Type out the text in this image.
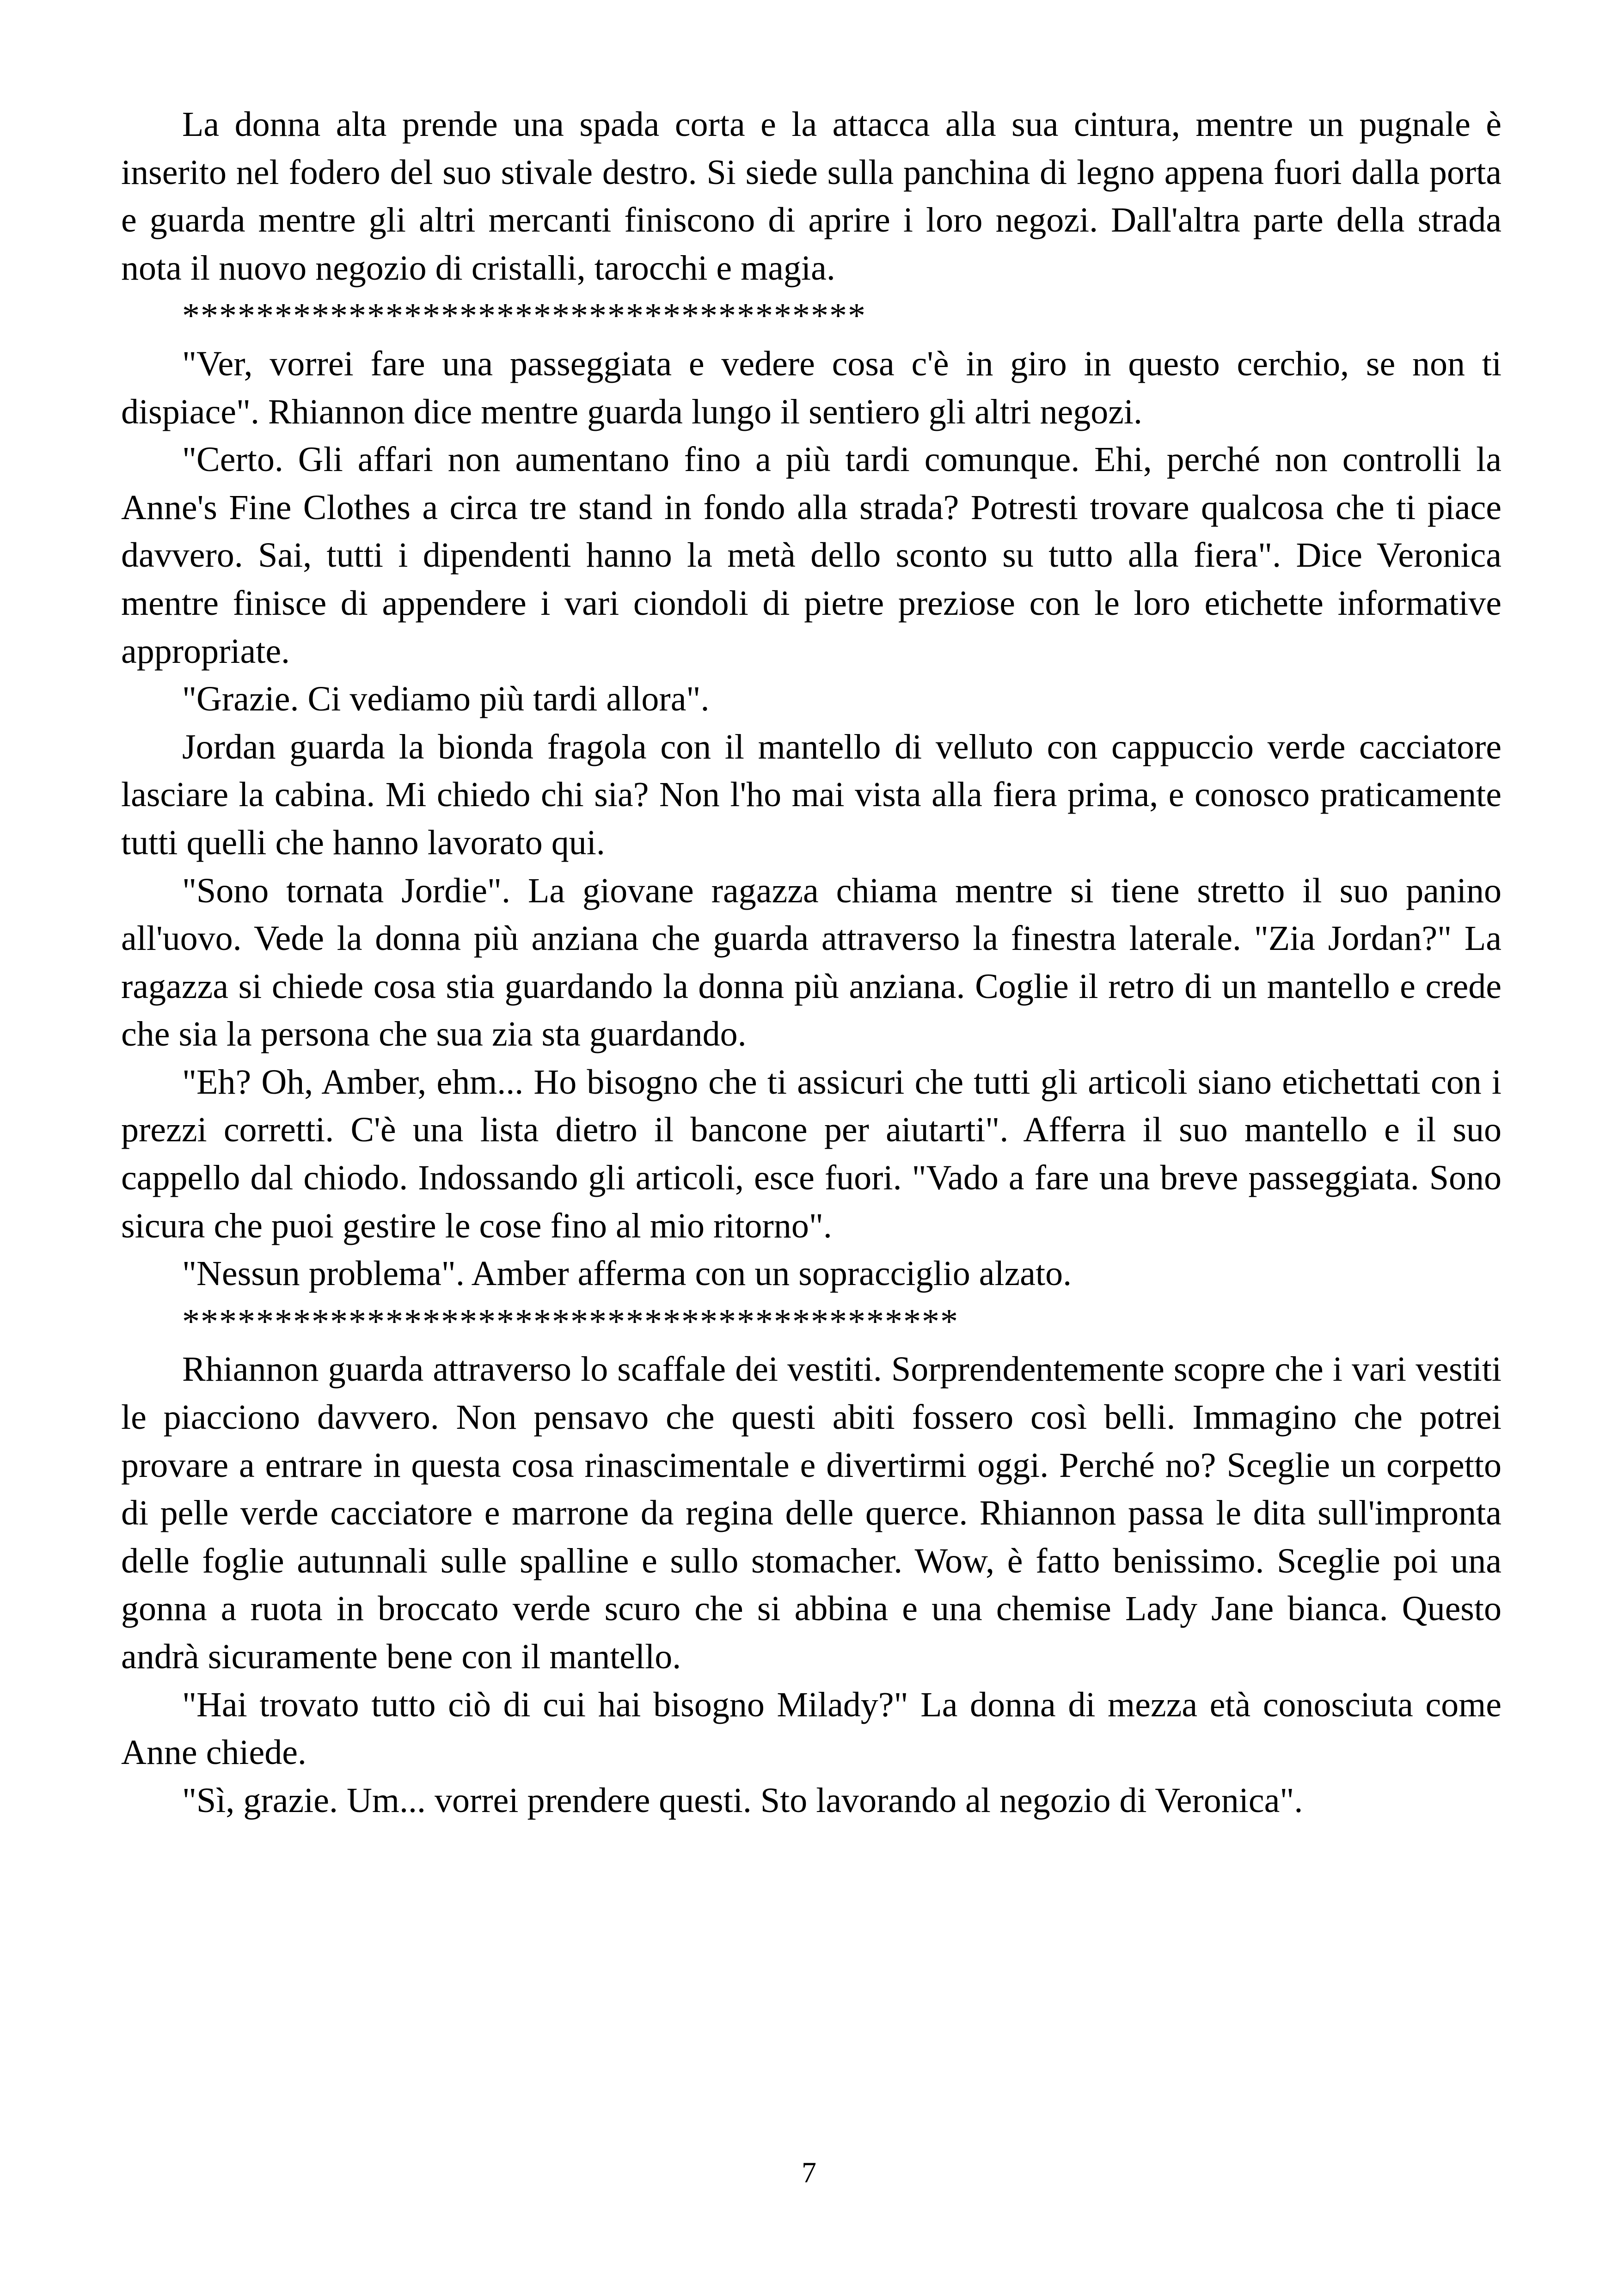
La donna alta prende una spada corta e la attacca alla sua cintura, mentre un pugnale è inserito nel fodero del suo stivale destro. Si siede sulla panchina di legno appena fuori dalla porta e guarda mentre gli altri mercanti finiscono di aprire i loro negozi. Dall'altra parte della strada nota il nuovo negozio di cristalli, tarocchi e magia.

*************************************

"Ver, vorrei fare una passeggiata e vedere cosa c'è in giro in questo cerchio, se non ti dispiace". Rhiannon dice mentre guarda lungo il sentiero gli altri negozi.

"Certo. Gli affari non aumentano fino a più tardi comunque. Ehi, perché non controlli la Anne's Fine Clothes a circa tre stand in fondo alla strada? Potresti trovare qualcosa che ti piace davvero. Sai, tutti i dipendenti hanno la metà dello sconto su tutto alla fiera". Dice Veronica mentre finisce di appendere i vari ciondoli di pietre preziose con le loro etichette informative appropriate.

"Grazie. Ci vediamo più tardi allora".

Jordan guarda la bionda fragola con il mantello di velluto con cappuccio verde cacciatore lasciare la cabina. Mi chiedo chi sia? Non l'ho mai vista alla fiera prima, e conosco praticamente tutti quelli che hanno lavorato qui.

"Sono tornata Jordie". La giovane ragazza chiama mentre si tiene stretto il suo panino all'uovo. Vede la donna più anziana che guarda attraverso la finestra laterale. "Zia Jordan?" La ragazza si chiede cosa stia guardando la donna più anziana. Coglie il retro di un mantello e crede che sia la persona che sua zia sta guardando.

"Eh? Oh, Amber, ehm... Ho bisogno che ti assicuri che tutti gli articoli siano etichettati con i prezzi corretti. C'è una lista dietro il bancone per aiutarti". Afferra il suo mantello e il suo cappello dal chiodo. Indossando gli articoli, esce fuori. "Vado a fare una breve passeggiata. Sono sicura che puoi gestire le cose fino al mio ritorno".

"Nessun problema". Amber afferma con un sopracciglio alzato.

******************************************

Rhiannon guarda attraverso lo scaffale dei vestiti. Sorprendentemente scopre che i vari vestiti le piacciono davvero. Non pensavo che questi abiti fossero così belli. Immagino che potrei provare a entrare in questa cosa rinascimentale e divertirmi oggi. Perché no? Sceglie un corpetto di pelle verde cacciatore e marrone da regina delle querce. Rhiannon passa le dita sull'impronta delle foglie autunnali sulle spalline e sullo stomacher. Wow, è fatto benissimo. Sceglie poi una gonna a ruota in broccato verde scuro che si abbina e una chemise Lady Jane bianca. Questo andrà sicuramente bene con il mantello.

"Hai trovato tutto ciò di cui hai bisogno Milady?" La donna di mezza età conosciuta come Anne chiede.

"Sì, grazie. Um... vorrei prendere questi. Sto lavorando al negozio di Veronica".

7
